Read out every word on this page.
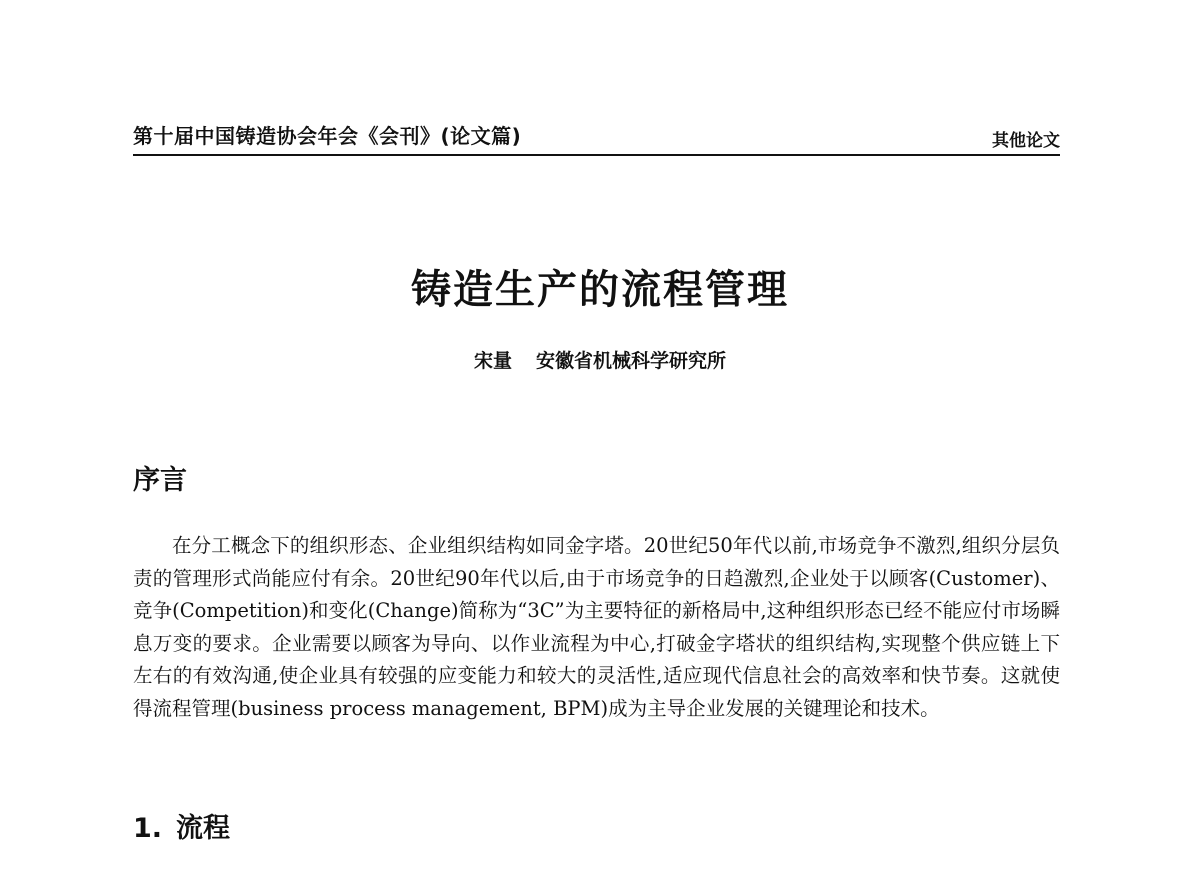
第十届中国铸造协会年会《会刊》(论文篇)	其他论文
铸造生产的流程管理
宋量 安徽省机械科学研究所
序言

在分工概念下的组织形态、企业组织结构如同金字塔。20世纪50年代以前,市场竞争不激烈,组织分层负责的管理形式尚能应付有余。20世纪90年代以后,由于市场竞争的日趋激烈,企业处于以顾客(Customer)、竞争(Competition)和变化(Change)简称为“3C”为主要特征的新格局中,这种组织形态已经不能应付市场瞬息万变的要求。企业需要以顾客为导向、以作业流程为中心,打破金字塔状的组织结构,实现整个供应链上下左右的有效沟通,使企业具有较强的应变能力和较大的灵活性,适应现代信息社会的高效率和快节奏。这就使得流程管理(business process management, BPM)成为主导企业发展的关键理论和技术。

1. 流程
